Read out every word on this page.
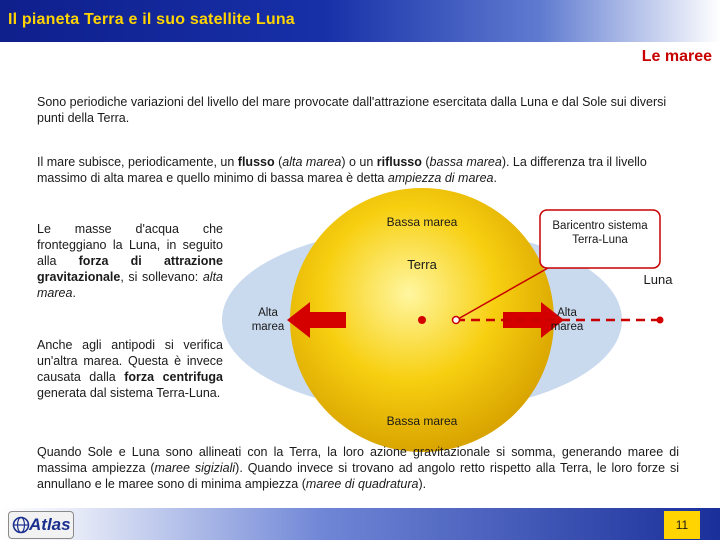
Il pianeta Terra e il suo satellite Luna
Le maree
Sono periodiche variazioni del livello del mare provocate dall'attrazione esercitata dalla Luna e dal Sole sui diversi punti della Terra.
Il mare subisce, periodicamente, un flusso (alta marea) o un riflusso (bassa marea). La differenza tra il livello massimo di alta marea e quello minimo di bassa marea è detta ampiezza di marea.
Le masse d'acqua che fronteggiano la Luna, in seguito alla forza di attrazione gravitazionale, si sollevano: alta marea.
Anche agli antipodi si verifica un'altra marea. Questa è invece causata dalla forza centrifuga generata dal sistema Terra-Luna.
Bassa marea
Bassa marea
Terra
Luna
Alta
marea
Alta
marea
Baricentro sistema
Terra-Luna
Quando Sole e Luna sono allineati con la Terra, la loro azione gravitazionale si somma, generando maree di massima ampiezza (maree sigiziali). Quando invece si trovano ad angolo retto rispetto alla Terra, le loro forze si annullano e le maree sono di minima ampiezza (maree di quadratura).
Atlas	11
